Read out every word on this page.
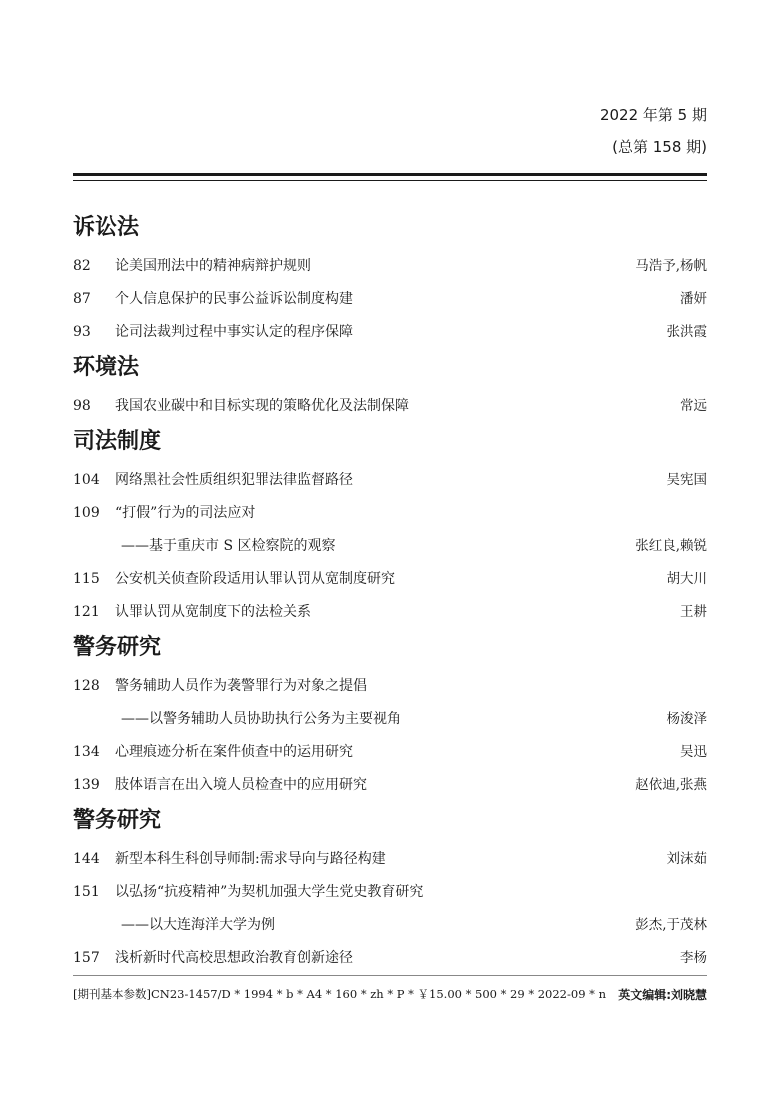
2022 年第 5 期
(总第 158 期)
诉讼法
82	论美国刑法中的精神病辩护规则	马浩予,杨帆
87	个人信息保护的民事公益诉讼制度构建	潘妍
93	论司法裁判过程中事实认定的程序保障	张洪霞
环境法
98	我国农业碳中和目标实现的策略优化及法制保障	常远
司法制度
104	网络黑社会性质组织犯罪法律监督路径	吴宪国
109	“打假”行为的司法应对
——基于重庆市 S 区检察院的观察	张红良,赖锐
115	公安机关侦查阶段适用认罪认罚从宽制度研究	胡大川
121	认罪认罚从宽制度下的法检关系	王耕
警务研究
128	警务辅助人员作为袭警罪行为对象之提倡
——以警务辅助人员协助执行公务为主要视角	杨浚泽
134	心理痕迹分析在案件侦查中的运用研究	吴迅
139	肢体语言在出入境人员检查中的应用研究	赵依迪,张燕
警务研究
144	新型本科生科创导师制:需求导向与路径构建	刘沫茹
151	以弘扬“抗疫精神”为契机加强大学生党史教育研究
——以大连海洋大学为例	彭杰,于茂林
157	浅析新时代高校思想政治教育创新途径	李杨
[期刊基本参数]CN23-1457/D * 1994 * b * A4 * 160 * zh * P * ￥15.00 * 500 * 29 * 2022-09 * n 英文编辑:刘晓慧
